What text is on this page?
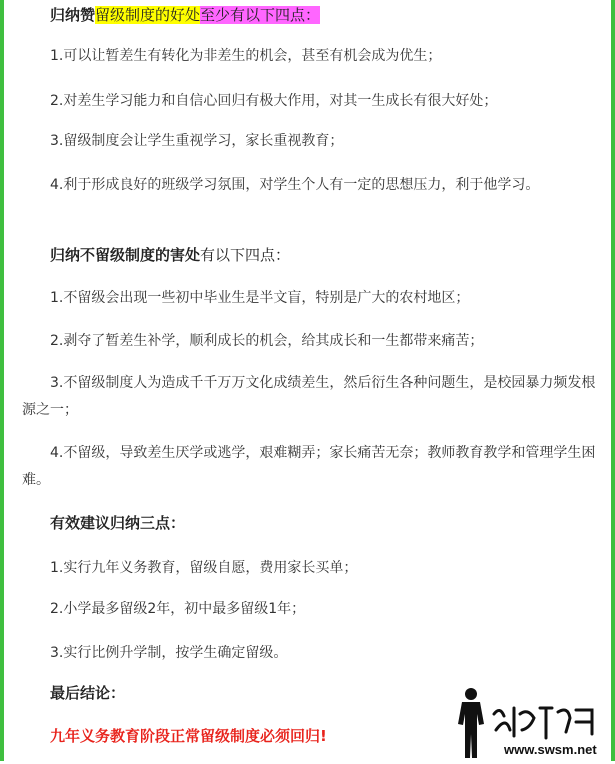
归纳赞留级制度的好处至少有以下四点：
1.可以让暂差生有转化为非差生的机会，甚至有机会成为优生；
2.对差生学习能力和自信心回归有极大作用，对其一生成长有很大好处；
3.留级制度会让学生重视学习，家长重视教育；
4.利于形成良好的班级学习氛围，对学生个人有一定的思想压力，利于他学习。
归纳不留级制度的害处有以下四点：
1.不留级会出现一些初中毕业生是半文盲，特别是广大的农村地区；
2.剥夺了暂差生补学，顺利成长的机会，给其成长和一生都带来痛苦；
3.不留级制度人为造成千千万万文化成绩差生，然后衍生各种问题生，是校园暴力频发根源之一；
4.不留级，导致差生厌学或逃学，艰难糊弄；家长痛苦无奈；教师教育教学和管理学生困难。
有效建议归纳三点：
1.实行九年义务教育，留级自愿，费用家长买单；
2.小学最多留级2年，初中最多留级1年；
3.实行比例升学制，按学生确定留级。
最后结论：
九年义务教育阶段正常留级制度必须回归!
www.swsm.net
